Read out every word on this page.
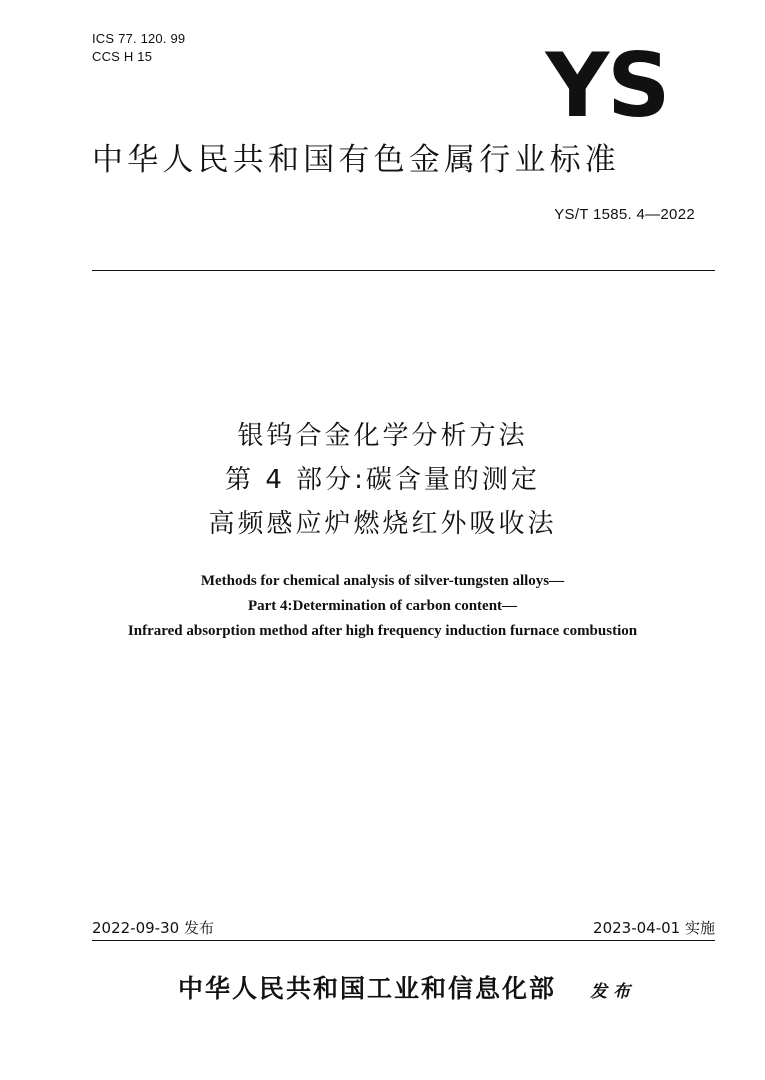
ICS 77. 120. 99
CCS H 15	YS
中华人民共和国有色金属行业标准
YS/T 1585. 4—2022
银钨合金化学分析方法
第 4 部分:碳含量的测定
高频感应炉燃烧红外吸收法
Methods for chemical analysis of silver-tungsten alloys—
Part 4:Determination of carbon content—
Infrared absorption method after high frequency induction furnace combustion
2022-09-30 发布	2023-04-01 实施
中华人民共和国工业和信息化部 发布
